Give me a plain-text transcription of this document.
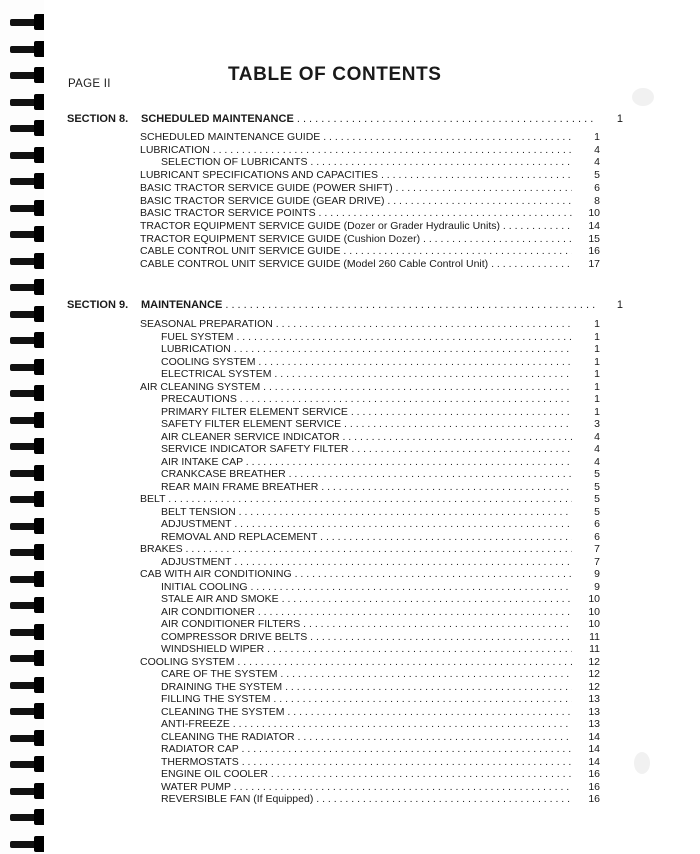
PAGE II	TABLE OF CONTENTS
SECTION 8. SCHEDULED MAINTENANCE . . .	1
SCHEDULED MAINTENANCE GUIDE . . .	1
LUBRICATION . . .	4
SELECTION OF LUBRICANTS . . .	4
LUBRICANT SPECIFICATIONS AND CAPACITIES . . .	5
BASIC TRACTOR SERVICE GUIDE (POWER SHIFT) . . .	6
BASIC TRACTOR SERVICE GUIDE (GEAR DRIVE) . . .	8
BASIC TRACTOR SERVICE POINTS . . .	10
TRACTOR EQUIPMENT SERVICE GUIDE (Dozer or Grader Hydraulic Units) . . .	14
TRACTOR EQUIPMENT SERVICE GUIDE (Cushion Dozer) . . .	15
CABLE CONTROL UNIT SERVICE GUIDE . . .	16
CABLE CONTROL UNIT SERVICE GUIDE (Model 260 Cable Control Unit) . . .	17
SECTION 9. MAINTENANCE . . .	1
SEASONAL PREPARATION . . .	1
FUEL SYSTEM . . .	1
LUBRICATION . . .	1
COOLING SYSTEM . . .	1
ELECTRICAL SYSTEM . . .	1
AIR CLEANING SYSTEM . . .	1
PRECAUTIONS . . .	1
PRIMARY FILTER ELEMENT SERVICE . . .	1
SAFETY FILTER ELEMENT SERVICE . . .	3
AIR CLEANER SERVICE INDICATOR . . .	4
SERVICE INDICATOR SAFETY FILTER . . .	4
AIR INTAKE CAP . . .	4
CRANKCASE BREATHER . . .	5
REAR MAIN FRAME BREATHER . . .	5
BELT . . .	5
BELT TENSION . . .	5
ADJUSTMENT . . .	6
REMOVAL AND REPLACEMENT . . .	6
BRAKES . . .	7
ADJUSTMENT . . .	7
CAB WITH AIR CONDITIONING . . .	9
INITIAL COOLING . . .	9
STALE AIR AND SMOKE . . .	10
AIR CONDITIONER . . .	10
AIR CONDITIONER FILTERS . . .	10
COMPRESSOR DRIVE BELTS . . .	11
WINDSHIELD WIPER . . .	11
COOLING SYSTEM . . .	12
CARE OF THE SYSTEM . . .	12
DRAINING THE SYSTEM . . .	12
FILLING THE SYSTEM . . .	13
CLEANING THE SYSTEM . . .	13
ANTI-FREEZE . . .	13
CLEANING THE RADIATOR . . .	14
RADIATOR CAP . . .	14
THERMOSTATS . . .	14
ENGINE OIL COOLER . . .	16
WATER PUMP . . .	16
REVERSIBLE FAN (If Equipped) . . .	16
